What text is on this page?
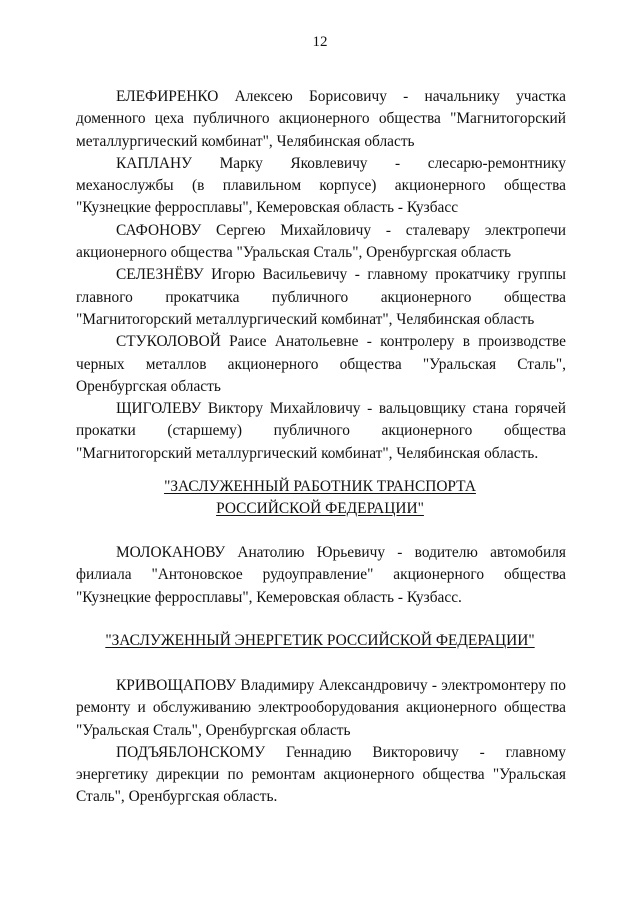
12

ЕЛЕФИРЕНКО Алексею Борисовичу - начальнику участка доменного цеха публичного акционерного общества "Магнитогорский металлургический комбинат", Челябинская область

КАПЛАНУ Марку Яковлевичу - слесарю-ремонтнику механослужбы (в плавильном корпусе) акционерного общества "Кузнецкие ферросплавы", Кемеровская область - Кузбасс

САФОНОВУ Сергею Михайловичу - сталевару электропечи акционерного общества "Уральская Сталь", Оренбургская область

СЕЛЕЗНЁВУ Игорю Васильевичу - главному прокатчику группы главного прокатчика публичного акционерного общества "Магнитогорский металлургический комбинат", Челябинская область

СТУКОЛОВОЙ Раисе Анатольевне - контролеру в производстве черных металлов акционерного общества "Уральская Сталь", Оренбургская область

ЩИГОЛЕВУ Виктору Михайловичу - вальцовщику стана горячей прокатки (старшему) публичного акционерного общества "Магнитогорский металлургический комбинат", Челябинская область.

"ЗАСЛУЖЕННЫЙ РАБОТНИК ТРАНСПОРТА
РОССИЙСКОЙ ФЕДЕРАЦИИ"

МОЛОКАНОВУ Анатолию Юрьевичу - водителю автомобиля филиала "Антоновское рудоуправление" акционерного общества "Кузнецкие ферросплавы", Кемеровская область - Кузбасс.

"ЗАСЛУЖЕННЫЙ ЭНЕРГЕТИК РОССИЙСКОЙ ФЕДЕРАЦИИ"

КРИВОЩАПОВУ Владимиру Александровичу - электромонтеру по ремонту и обслуживанию электрооборудования акционерного общества "Уральская Сталь", Оренбургская область

ПОДЪЯБЛОНСКОМУ Геннадию Викторовичу - главному энергетику дирекции по ремонтам акционерного общества "Уральская Сталь", Оренбургская область.
